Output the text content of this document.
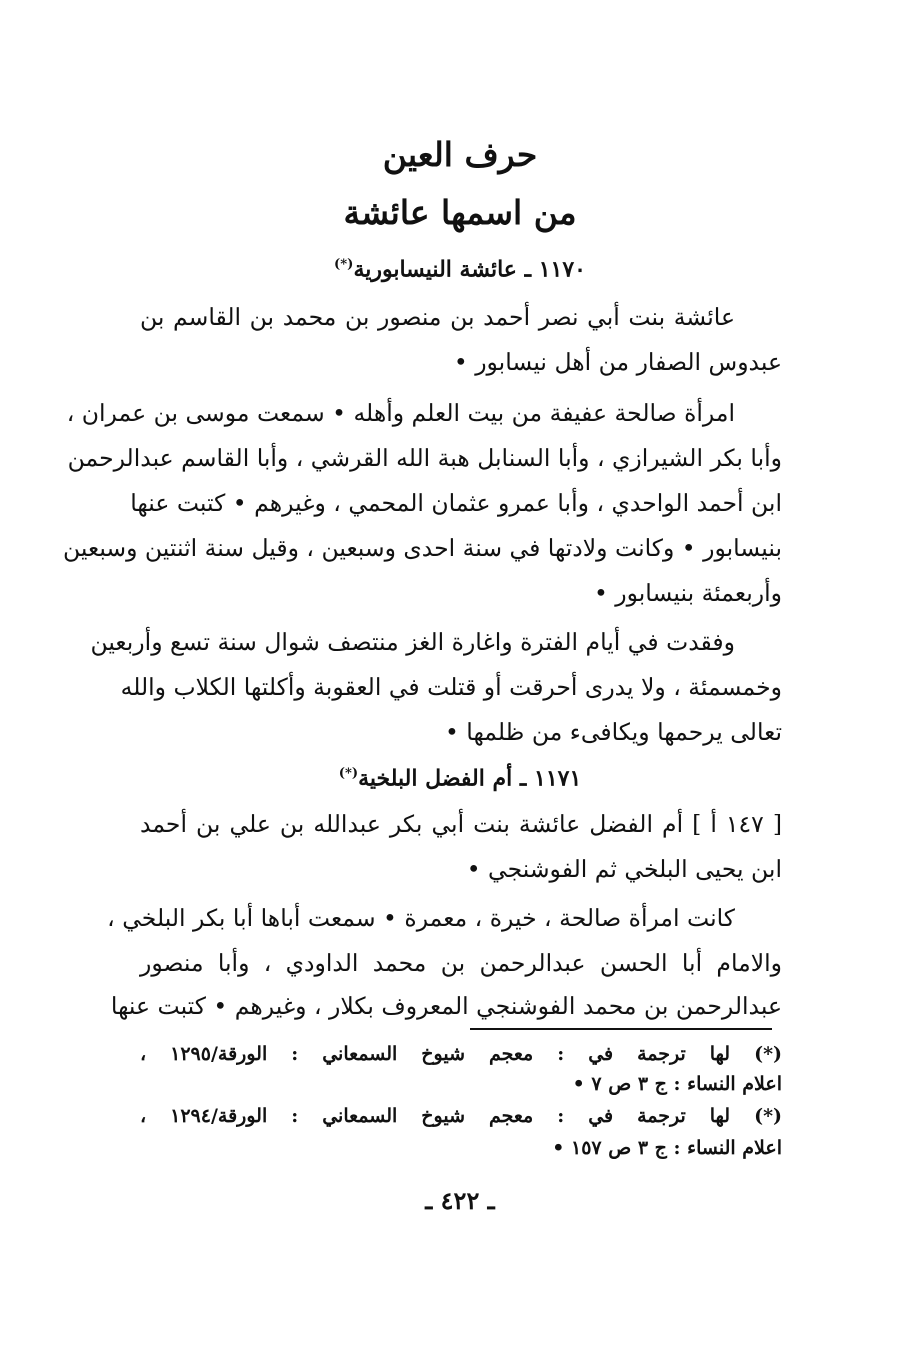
حرف العين
من اسمها عائشة
١١٧٠ ـ عائشة النيسابورية(*)
عائشة بنت أبي نصر أحمد بن منصور بن محمد بن القاسم بن
عبدوس الصفار من أهل نيسابور •
امرأة صالحة عفيفة من بيت العلم وأهله • سمعت موسى بن عمران ،
وأبا بكر الشيرازي ، وأبا السنابل هبة الله القرشي ، وأبا القاسم عبدالرحمن
ابن أحمد الواحدي ، وأبا عمرو عثمان المحمي ، وغيرهم • كتبت عنها
بنيسابور • وكانت ولادتها في سنة احدى وسبعين ، وقيل سنة اثنتين وسبعين
وأربعمئة بنيسابور •
وفقدت في أيام الفترة واغارة الغز منتصف شوال سنة تسع وأربعين
وخمسمئة ، ولا يدرى أحرقت أو قتلت في العقوبة وأكلتها الكلاب والله
تعالى يرحمها ويكافىء من ظلمها •
١١٧١ ـ أم الفضل البلخية(*)
[ ١٤٧ أ ] أم الفضل عائشة بنت أبي بكر عبدالله بن علي بن أحمد
ابن يحيى البلخي ثم الفوشنجي •
كانت امرأة صالحة ، خيرة ، معمرة • سمعت أباها أبا بكر البلخي ،
والامام أبا الحسن عبدالرحمن بن محمد الداودي ، وأبا منصور
عبدالرحمن بن محمد الفوشنجي المعروف بكلار ، وغيرهم • كتبت عنها
(*) لها ترجمة في : معجم شيوخ السمعاني : الورقة/١٢٩٥ ،
اعلام النساء : ج ٣ ص ٧ •
(*) لها ترجمة في : معجم شيوخ السمعاني : الورقة/١٢٩٤ ،
اعلام النساء : ج ٣ ص ١٥٧ •
ـ ٤٢٢ ـ
